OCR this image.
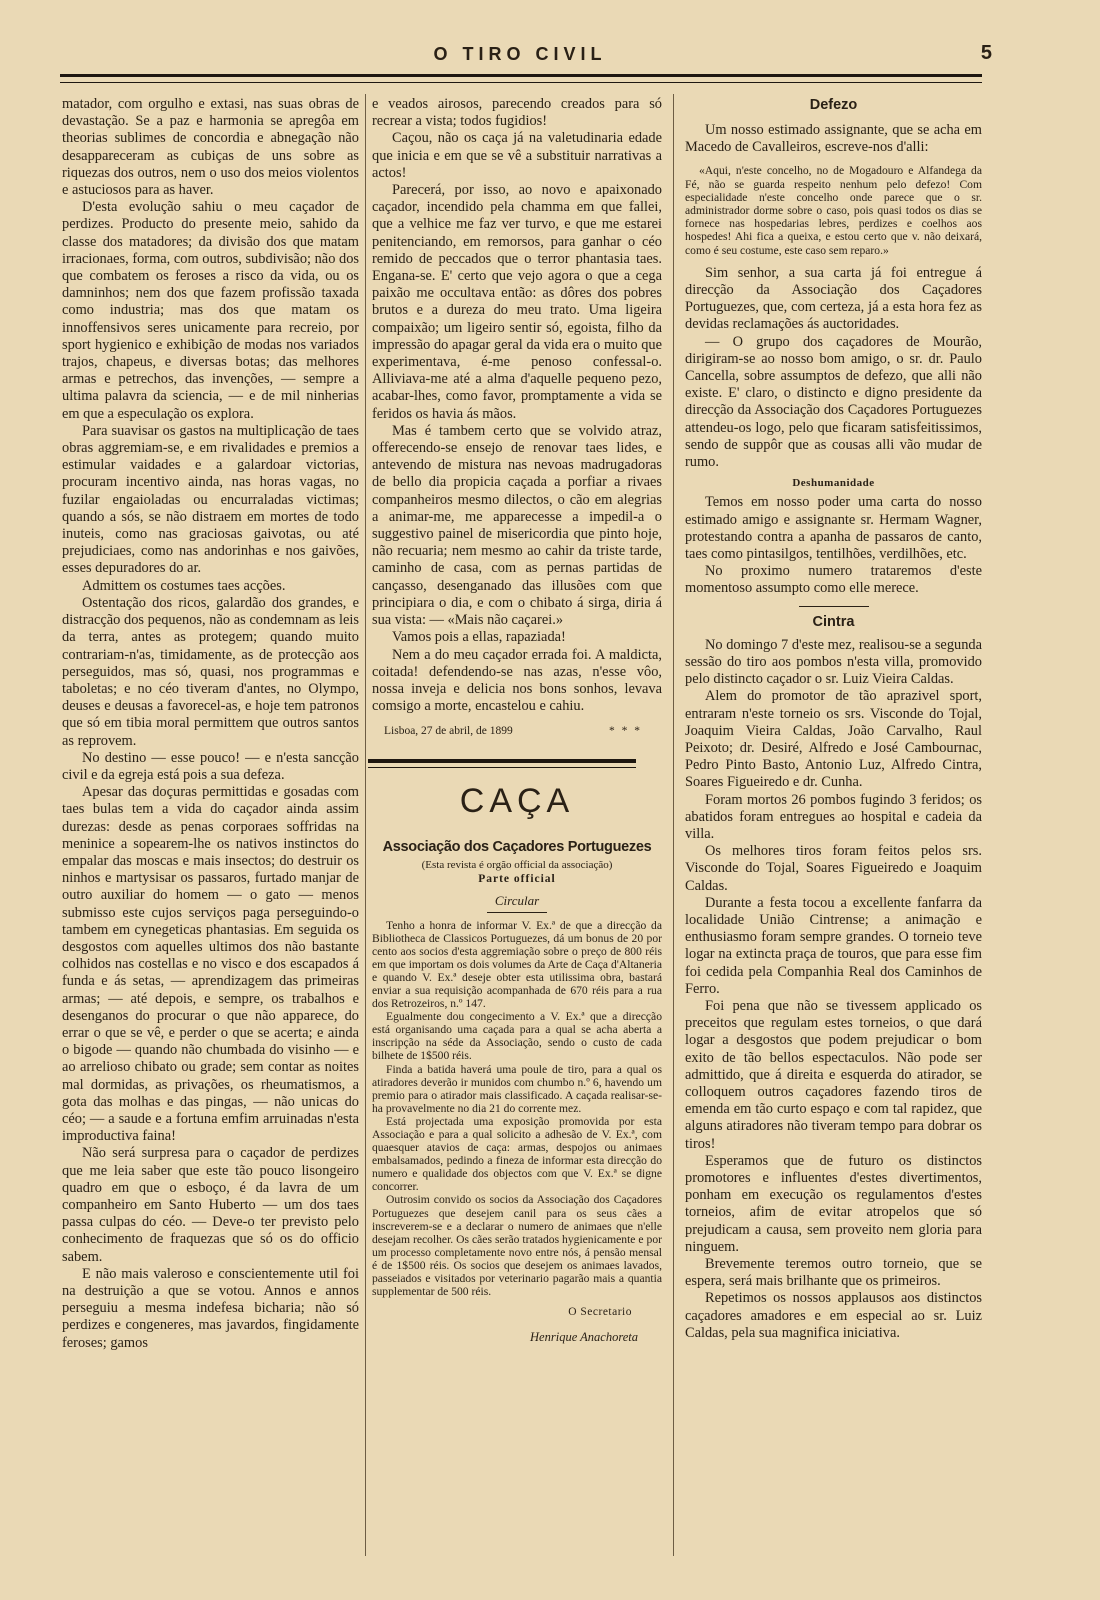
O TIRO CIVIL	5

matador, com orgulho e extasi, nas suas obras de devastação. Se a paz e harmonia se apregôa em theorias sublimes de concordia e abnegação não desappareceram as cubiças de uns sobre as riquezas dos outros, nem o uso dos meios violentos e astuciosos para as haver.

D'esta evolução sahiu o meu caçador de perdizes. Producto do presente meio, sahido da classe dos matadores; da divisão dos que matam irracionaes, forma, com outros, subdivisão; não dos que combatem os feroses a risco da vida, ou os damninhos; nem dos que fazem profissão taxada como industria; mas dos que matam os innoffensivos seres unicamente para recreio, por sport hygienico e exhibição de modas nos variados trajos, chapeus, e diversas botas; das melhores armas e petrechos, das invenções, — sempre a ultima palavra da sciencia, — e de mil ninherias em que a especulação os explora.

Para suavisar os gastos na multiplicação de taes obras aggremiam-se, e em rivalidades e premios a estimular vaidades e a galardoar victorias, procuram incentivo ainda, nas horas vagas, no fuzilar engaioladas ou encurraladas victimas; quando a sós, se não distraem em mortes de todo inuteis, como nas graciosas gaivotas, ou até prejudiciaes, como nas andorinhas e nos gaivões, esses depuradores do ar.

Admittem os costumes taes acções.

Ostentação dos ricos, galardão dos grandes, e distracção dos pequenos, não as condemnam as leis da terra, antes as protegem; quando muito contrariam-n'as, timidamente, as de protecção aos perseguidos, mas só, quasi, nos programmas e taboletas; e no céo tiveram d'antes, no Olympo, deuses e deusas a favorecel-as, e hoje tem patronos que só em tibia moral permittem que outros santos as reprovem.

No destino — esse pouco! — e n'esta sancção civil e da egreja está pois a sua defeza.

Apesar das doçuras permittidas e gosadas com taes bulas tem a vida do caçador ainda assim durezas: desde as penas corporaes soffridas na meninice a sopearem-lhe os nativos instinctos do empalar das moscas e mais insectos; do destruir os ninhos e martysisar os passaros, furtado manjar de outro auxiliar do homem — o gato — menos submisso este cujos serviços paga perseguindo-o tambem em cynegeticas phantasias. Em seguida os desgostos com aquelles ultimos dos não bastante colhidos nas costellas e no visco e dos escapados á funda e ás setas, — aprendizagem das primeiras armas; — até depois, e sempre, os trabalhos e desenganos do procurar o que não apparece, do errar o que se vê, e perder o que se acerta; e ainda o bigode — quando não chumbada do visinho — e ao arrelioso chibato ou grade; sem contar as noites mal dormidas, as privações, os rheumatismos, a gota das molhas e das pingas, — não unicas do céo; — a saude e a fortuna emfim arruinadas n'esta improductiva faina!

Não será surpresa para o caçador de perdizes que me leia saber que este tão pouco lisongeiro quadro em que o esboço, é da lavra de um companheiro em Santo Huberto — um dos taes passa culpas do céo. — Deve-o ter previsto pelo conhecimento de fraquezas que só os do officio sabem.

E não mais valeroso e conscientemente util foi na destruição a que se votou. Annos e annos perseguiu a mesma indefesa bicharia; não só perdizes e congeneres, mas javardos, fingidamente feroses; gamos

e veados airosos, parecendo creados para só recrear a vista; todos fugidios!

Caçou, não os caça já na valetudinaria edade que inicia e em que se vê a substituir narrativas a actos!

Parecerá, por isso, ao novo e apaixonado caçador, incendido pela chamma em que fallei, que a velhice me faz ver turvo, e que me estarei penitenciando, em remorsos, para ganhar o céo remido de peccados que o terror phantasia taes. Engana-se. E' certo que vejo agora o que a cega paixão me occultava então: as dôres dos pobres brutos e a dureza do meu trato. Uma ligeira compaixão; um ligeiro sentir só, egoista, filho da impressão do apagar geral da vida era o muito que experimentava, é-me penoso confessal-o. Alliviava-me até a alma d'aquelle pequeno pezo, acabar-lhes, como favor, promptamente a vida se feridos os havia ás mãos.

Mas é tambem certo que se volvido atraz, offerecendo-se ensejo de renovar taes lides, e antevendo de mistura nas nevoas madrugadoras de bello dia propicia caçada a porfiar a rivaes companheiros mesmo dilectos, o cão em alegrias a animar-me, me apparecesse a impedil-a o suggestivo painel de misericordia que pinto hoje, não recuaria; nem mesmo ao cahir da triste tarde, caminho de casa, com as pernas partidas de cançasso, desenganado das illusões com que principiara o dia, e com o chibato á sirga, diria á sua vista: — «Mais não caçarei.»

Vamos pois a ellas, rapaziada!

Nem a do meu caçador errada foi. A maldicta, coitada! defendendo-se nas azas, n'esse vôo, nossa inveja e delicia nos bons sonhos, levava comsigo a morte, encastelou e cahiu.

Lisboa, 27 de abril, de 1899	* * *
CAÇA
Associação dos Caçadores Portuguezes
(Esta revista é orgão official da associação)
Parte official
Circular

Tenho a honra de informar V. Ex.ª de que a direcção da Bibliotheca de Classicos Portuguezes, dá um bonus de 20 por cento aos socios d'esta aggremiação sobre o preço de 800 réis em que importam os dois volumes da Arte de Caça d'Altaneria e quando V. Ex.ª deseje obter esta utilissima obra, bastará enviar a sua requisição acompanhada de 670 réis para a rua dos Retrozeiros, n.º 147.

Egualmente dou congecimento a V. Ex.ª que a direcção está organisando uma caçada para a qual se acha aberta a inscripção na séde da Associação, sendo o custo de cada bilhete de 1$500 réis.

Finda a batida haverá uma poule de tiro, para a qual os atiradores deverão ir munidos com chumbo n.º 6, havendo um premio para o atirador mais classificado. A caçada realisar-se-ha provavelmente no dia 21 do corrente mez.

Está projectada uma exposição promovida por esta Associação e para a qual solicito a adhesão de V. Ex.ª, com quaesquer atavios de caça: armas, despojos ou animaes embalsamados, pedindo a fineza de informar esta direcção do numero e qualidade dos objectos com que V. Ex.ª se digne concorrer.

Outrosim convido os socios da Associação dos Caçadores Portuguezes que desejem canil para os seus cães a inscreverem-se e a declarar o numero de animaes que n'elle desejam recolher. Os cães serão tratados hygienicamente e por um processo completamente novo entre nós, á pensão mensal é de 1$500 réis. Os socios que desejem os animaes lavados, passeiados e visitados por veterinario pagarão mais a quantia supplementar de 500 réis.

O Secretario
Henrique Anachoreta
Defezo

Um nosso estimado assignante, que se acha em Macedo de Cavalleiros, escreve-nos d'alli:

«Aqui, n'este concelho, no de Mogadouro e Alfandega da Fé, não se guarda respeito nenhum pelo defezo! Com especialidade n'este concelho onde parece que o sr. administrador dorme sobre o caso, pois quasi todos os dias se fornece nas hospedarias lebres, perdizes e coelhos aos hospedes! Ahi fica a queixa, e estou certo que v. não deixará, como é seu costume, este caso sem reparo.»

Sim senhor, a sua carta já foi entregue á direcção da Associação dos Caçadores Portuguezes, que, com certeza, já a esta hora fez as devidas reclamações ás auctoridades.

— O grupo dos caçadores de Mourão, dirigiram-se ao nosso bom amigo, o sr. dr. Paulo Cancella, sobre assumptos de defezo, que alli não existe. E' claro, o distincto e digno presidente da direcção da Associação dos Caçadores Portuguezes attendeu-os logo, pelo que ficaram satisfeitissimos, sendo de suppôr que as cousas alli vão mudar de rumo.

Deshumanidade

Temos em nosso poder uma carta do nosso estimado amigo e assignante sr. Hermam Wagner, protestando contra a apanha de passaros de canto, taes como pintasilgos, tentilhões, verdilhões, etc.

No proximo numero trataremos d'este momentoso assumpto como elle merece.

Cintra

No domingo 7 d'este mez, realisou-se a segunda sessão do tiro aos pombos n'esta villa, promovido pelo distincto caçador o sr. Luiz Vieira Caldas.

Alem do promotor de tão aprazivel sport, entraram n'este torneio os srs. Visconde do Tojal, Joaquim Vieira Caldas, João Carvalho, Raul Peixoto; dr. Desiré, Alfredo e José Cambournac, Pedro Pinto Basto, Antonio Luz, Alfredo Cintra, Soares Figueiredo e dr. Cunha.

Foram mortos 26 pombos fugindo 3 feridos; os abatidos foram entregues ao hospital e cadeia da villa.

Os melhores tiros foram feitos pelos srs. Visconde do Tojal, Soares Figueiredo e Joaquim Caldas.

Durante a festa tocou a excellente fanfarra da localidade União Cintrense; a animação e enthusiasmo foram sempre grandes. O torneio teve logar na extincta praça de touros, que para esse fim foi cedida pela Companhia Real dos Caminhos de Ferro.

Foi pena que não se tivessem applicado os preceitos que regulam estes torneios, o que dará logar a desgostos que podem prejudicar o bom exito de tão bellos espectaculos. Não pode ser admittido, que á direita e esquerda do atirador, se colloquem outros caçadores fazendo tiros de emenda em tão curto espaço e com tal rapidez, que alguns atiradores não tiveram tempo para dobrar os tiros!

Esperamos que de futuro os distinctos promotores e influentes d'estes divertimentos, ponham em execução os regulamentos d'estes torneios, afim de evitar atropelos que só prejudicam a causa, sem proveito nem gloria para ninguem.

Brevemente teremos outro torneio, que se espera, será mais brilhante que os primeiros.

Repetimos os nossos applausos aos distinctos caçadores amadores e em especial ao sr. Luiz Caldas, pela sua magnifica iniciativa.
